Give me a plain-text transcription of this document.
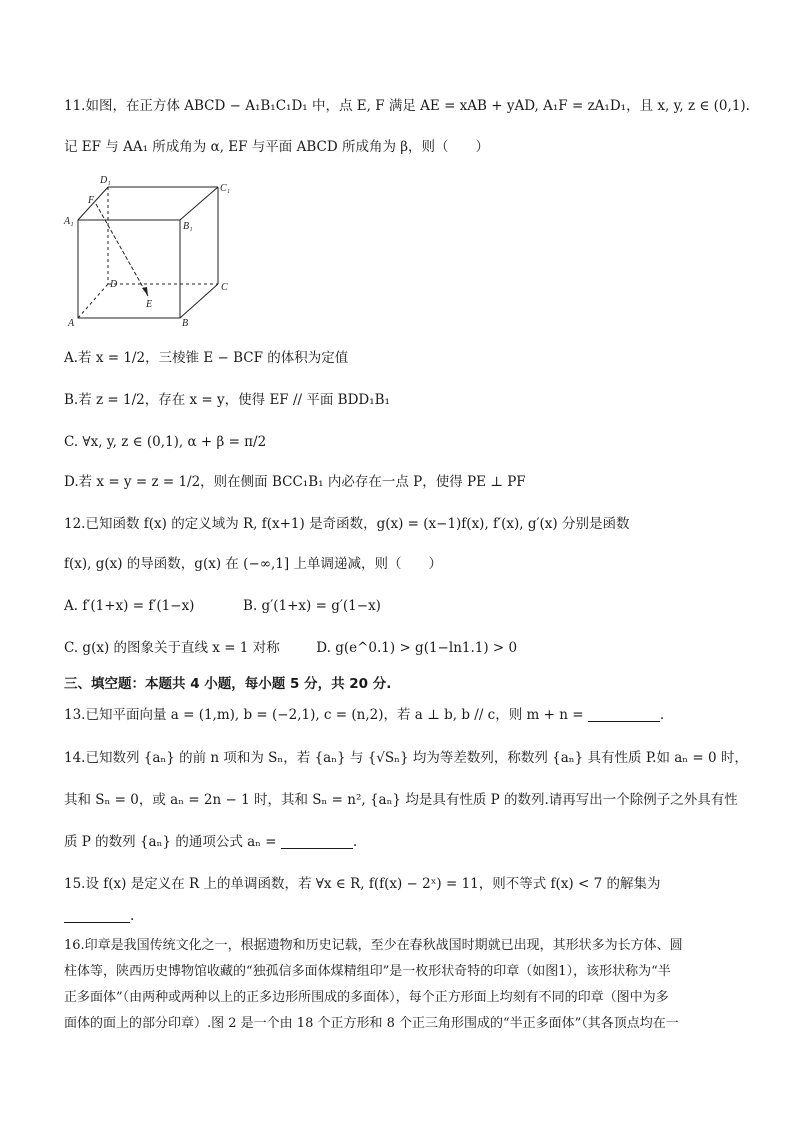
11.如图，在正方体 ABCD − A₁B₁C₁D₁ 中，点 E, F 满足 AE = xAB + yAD, A₁F = zA₁D₁，且 x, y, z ∈ (0,1).
记 EF 与 AA₁ 所成角为 α, EF 与平面 ABCD 所成角为 β，则（　　）
D₁
C₁
A₁	B₁
F
D	C
E
A	B
A.若 x = 1/2，三棱锥 E − BCF 的体积为定值
B.若 z = 1/2，存在 x = y，使得 EF // 平面 BDD₁B₁
C. ∀x, y, z ∈ (0,1), α + β = π/2
D.若 x = y = z = 1/2，则在侧面 BCC₁B₁ 内必存在一点 P，使得 PE ⊥ PF
12.已知函数 f(x) 的定义域为 R, f(x+1) 是奇函数，g(x) = (x−1)f(x), f′(x), g′(x) 分别是函数
f(x), g(x) 的导函数，g(x) 在 (−∞,1] 上单调递减，则（　　）
A. f′(1+x) = f′(1−x)	B. g′(1+x) = g′(1−x)
C. g(x) 的图象关于直线 x = 1 对称	D. g(e^0.1) > g(1−ln1.1) > 0
三、填空题：本题共 4 小题，每小题 5 分，共 20 分.
13.已知平面向量 a = (1,m), b = (−2,1), c = (n,2)，若 a ⊥ b, b // c，则 m + n =	.
14.已知数列 {aₙ} 的前 n 项和为 Sₙ，若 {aₙ} 与 {√Sₙ} 均为等差数列，称数列 {aₙ} 具有性质 P.如 aₙ = 0 时，
其和 Sₙ = 0，或 aₙ = 2n − 1 时，其和 Sₙ = n², {aₙ} 均是具有性质 P 的数列.请再写出一个除例子之外具有性
质 P 的数列 {aₙ} 的通项公式 aₙ =	.
15.设 f(x) 是定义在 R 上的单调函数，若 ∀x ∈ R, f(f(x) − 2ˣ) = 11，则不等式 f(x) < 7 的解集为
.
16.印章是我国传统文化之一，根据遗物和历史记载，至少在春秋战国时期就已出现，其形状多为长方体、圆
柱体等，陕西历史博物馆收藏的“独孤信多面体煤精组印”是一枚形状奇特的印章（如图1），该形状称为“半
正多面体”（由两种或两种以上的正多边形所围成的多面体），每个正方形面上均刻有不同的印章（图中为多
面体的面上的部分印章）.图 2 是一个由 18 个正方形和 8 个正三角形围成的“半正多面体”（其各顶点均在一
